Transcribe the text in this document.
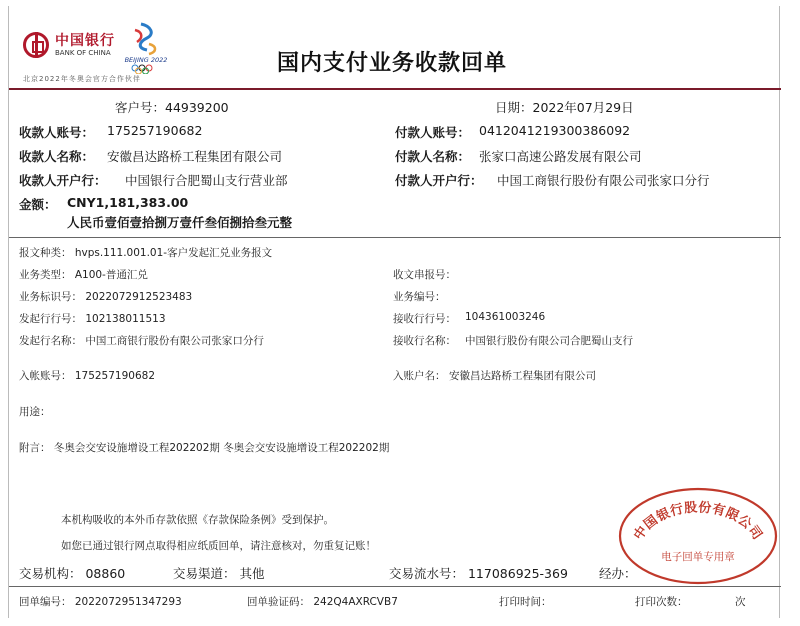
中国银行
BANK OF CHINA
BEIJING 2022
北京2022年冬奥会官方合作伙伴
国内支付业务收款回单
客户号：44939200	日期：2022年07月29日
收款人账号： 175257190682	付款人账号： 0412041219300386092
收款人名称： 安徽昌达路桥工程集团有限公司	付款人名称： 张家口高速公路发展有限公司
收款人开户行： 中国银行合肥蜀山支行营业部	付款人开户行： 中国工商银行股份有限公司张家口分行
金额： CNY1,181,383.00
人民币壹佰壹拾捌万壹仟叁佰捌拾叁元整
报文种类： hvps.111.001.01-客户发起汇兑业务报文
业务类型： A100-普通汇兑	收文串报号：
业务标识号： 2022072912523483	业务编号：
发起行行号： 102138011513	接收行行号： 104361003246
发起行名称： 中国工商银行股份有限公司张家口分行	接收行名称： 中国银行股份有限公司合肥蜀山支行
入帐账号： 175257190682	入账户名： 安徽昌达路桥工程集团有限公司
用途：
附言： 冬奥会交安设施增设工程202202期 冬奥会交安设施增设工程202202期
本机构吸收的本外币存款依照《存款保险条例》受到保护。
如您已通过银行网点取得相应纸质回单，请注意核对，勿重复记账！
交易机构： 08860	交易渠道： 其他	交易流水号： 117086925-369 经办：
回单编号： 2022072951347293	回单验证码： 242Q4AXRCVB7	打印时间：	打印次数：	次
中国银行股份有限公司
电子回单专用章
